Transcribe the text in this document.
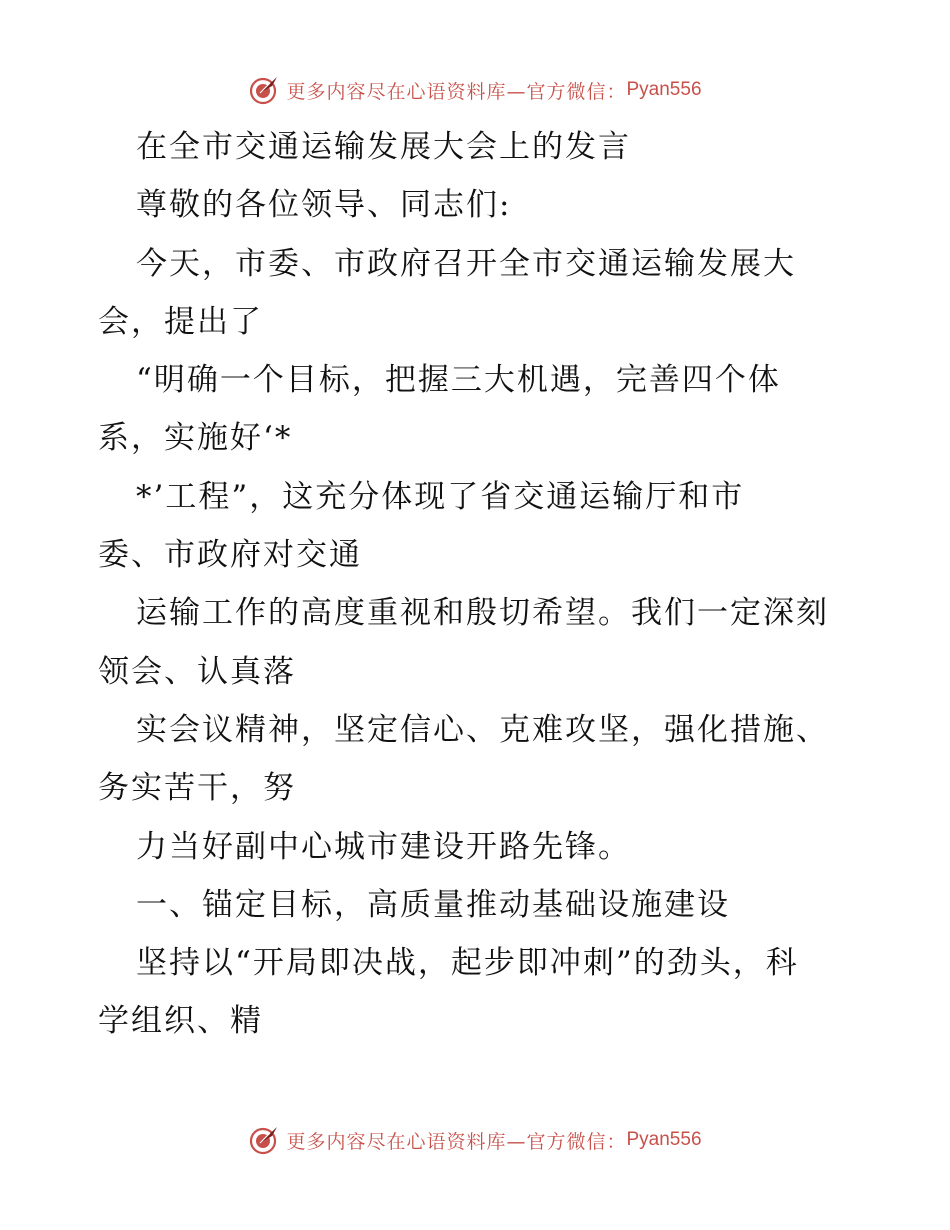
更多内容尽在心语资料库—官方微信： Pyan556
在全市交通运输发展大会上的发言
尊敬的各位领导、同志们:
今天，市委、市政府召开全市交通运输发展大
会，提出了
“明确一个目标，把握三大机遇，完善四个体
系，实施好‘*
*’工程”，这充分体现了省交通运输厅和市
委、市政府对交通
运输工作的高度重视和殷切希望。我们一定深刻
领会、认真落
实会议精神，坚定信心、克难攻坚，强化措施、
务实苦干，努
力当好副中心城市建设开路先锋。
一、锚定目标，高质量推动基础设施建设
坚持以“开局即决战，起步即冲刺”的劲头，科
学组织、精
更多内容尽在心语资料库—官方微信： Pyan556
